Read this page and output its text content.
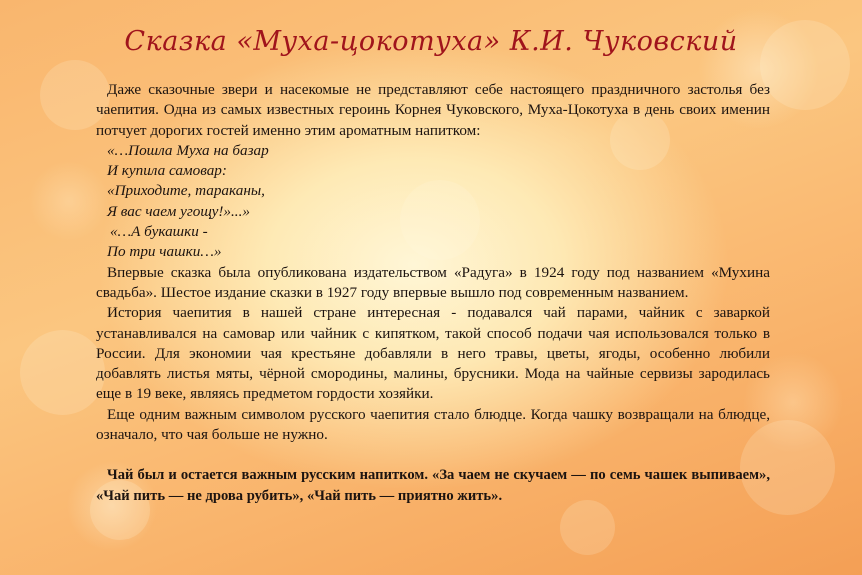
Сказка «Муха-цокотуха» К.И. Чуковский

Даже сказочные звери и насекомые не представляют себе настоящего праздничного застолья без чаепития. Одна из самых известных героинь Корнея Чуковского, Муха-Цокотуха в день своих именин потчует дорогих гостей именно этим ароматным напитком:

«…Пошла Муха на базар
И купила самовар:
«Приходите, тараканы,
Я вас чаем угощу!»...»
«…А букашки -
По три чашки…»

Впервые сказка была опубликована издательством «Радуга» в 1924 году под названием «Мухина свадьба». Шестое издание сказки в 1927 году впервые вышло под современным названием.

История чаепития в нашей стране интересная - подавался чай парами, чайник с заваркой устанавливался на самовар или чайник с кипятком, такой способ подачи чая использовался только в России. Для экономии чая крестьяне добавляли в него травы, цветы, ягоды, особенно любили добавлять листья мяты, чёрной смородины, малины, брусники. Мода на чайные сервизы зародилась еще в 19 веке, являясь предметом гордости хозяйки.

Еще одним важным символом русского чаепития стало блюдце. Когда чашку возвращали на блюдце, означало, что чая больше не нужно.

Чай был и остается важным русским напитком. «За чаем не скучаем — по семь чашек выпиваем», «Чай пить — не дрова рубить», «Чай пить — приятно жить».
